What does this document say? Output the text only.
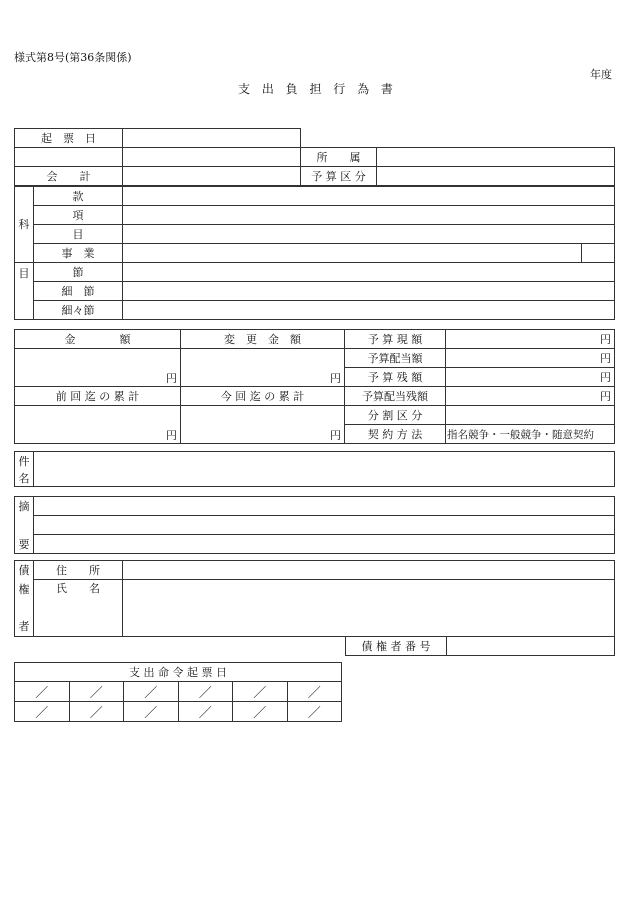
様式第8号(第36条関係)
年度
支 出 負 担 行 為 書
起　票　日			
		所　　属	
会　　計		予 算 区 分	
科	款		
	項		
	目		
	事　業		
目	節		
	細　節		
	細々節		
金　　　　額	変　更　金　額	予 算 現 額	円
円	円	予算配当額	円
		予 算 残 額	円
前 回 迄 の 累 計	今 回 迄 の 累 計	予算配当残額	円
円	円	分 割 区 分	
		契 約 方 法	指名競争・一般競争・随意契約
件	
名
摘	

要	
債	住　　所			
権	氏　　名			

者				
			債 権 者 番 号	
支 出 命 令 起 票 日					
／	／	／	／	／	／
／	／	／	／	／	／
